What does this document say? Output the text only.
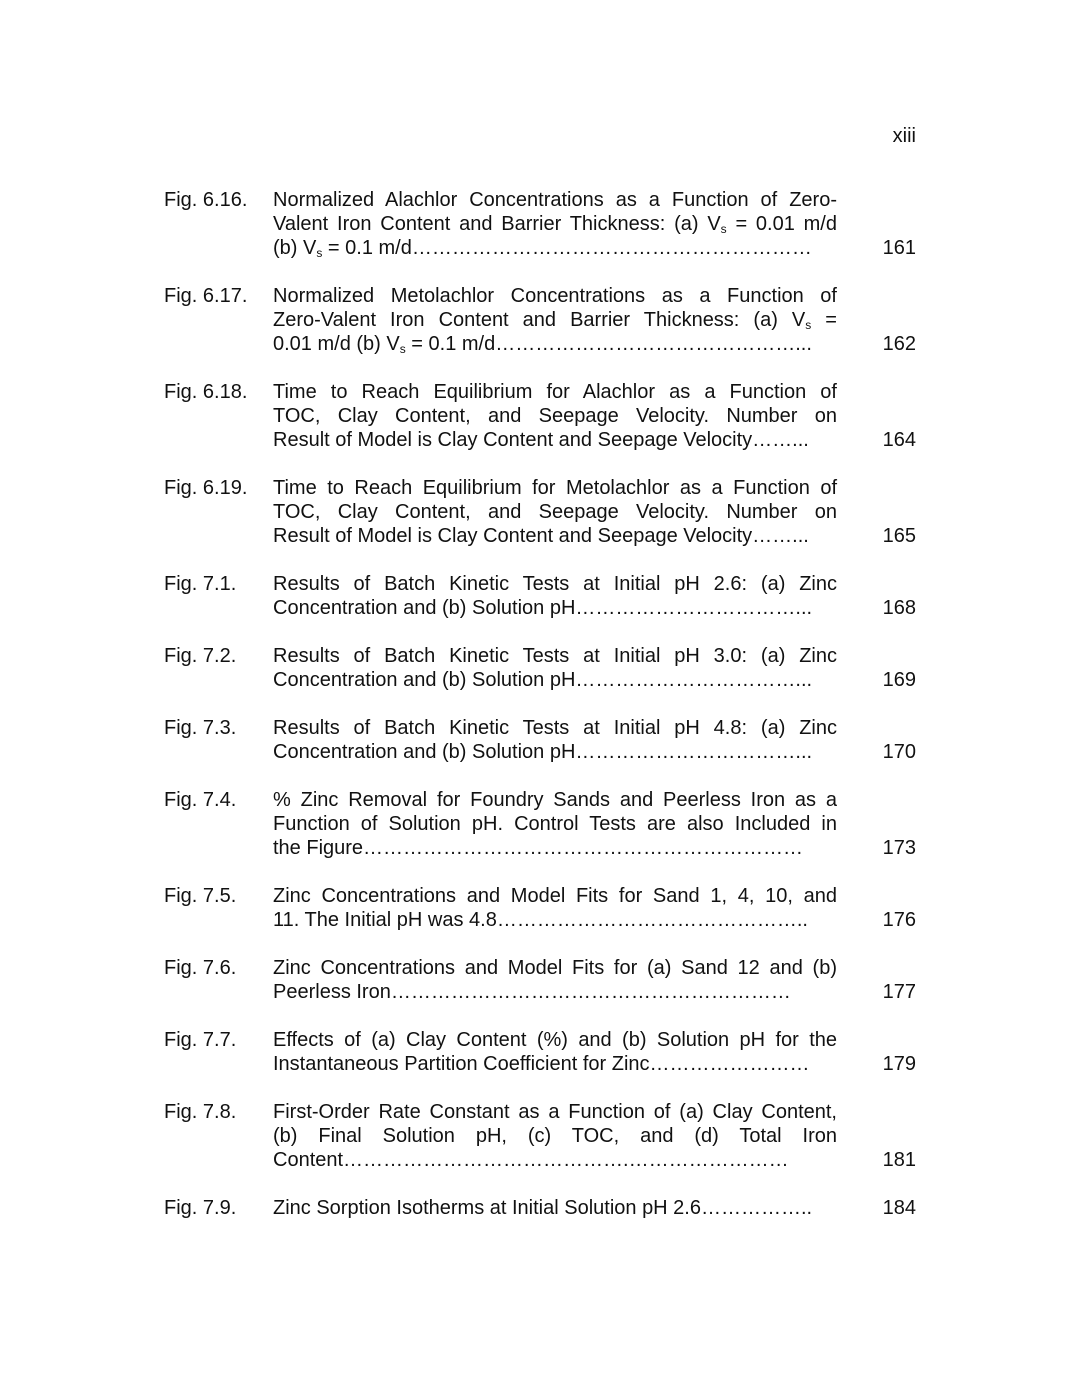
xiii
Fig. 6.16.	Normalized Alachlor Concentrations as a Function of Zero-
Valent Iron Content and Barrier Thickness: (a) $V_s = 0.01$ m/d
(b) $V_s = 0.1$ m/d……………………………………………………	161
Fig. 6.17.	Normalized Metolachlor Concentrations as a Function of
Zero-Valent Iron Content and Barrier Thickness: (a) $V_s$ =
0.01 m/d (b) $V_s = 0.1$ m/d………………………………………...	162
Fig. 6.18.	Time to Reach Equilibrium for Alachlor as a Function of
TOC, Clay Content, and Seepage Velocity. Number on
Result of Model is Clay Content and Seepage Velocity……...	164
Fig. 6.19.	Time to Reach Equilibrium for Metolachlor as a Function of
TOC, Clay Content, and Seepage Velocity. Number on
Result of Model is Clay Content and Seepage Velocity……...	165
Fig. 7.1.	Results of Batch Kinetic Tests at Initial pH 2.6: (a) Zinc
Concentration and (b) Solution pH……………………………...	168
Fig. 7.2.	Results of Batch Kinetic Tests at Initial pH 3.0: (a) Zinc
Concentration and (b) Solution pH……………………………...	169
Fig. 7.3.	Results of Batch Kinetic Tests at Initial pH 4.8: (a) Zinc
Concentration and (b) Solution pH……………………………...	170
Fig. 7.4.	% Zinc Removal for Foundry Sands and Peerless Iron as a
Function of Solution pH. Control Tests are also Included in
the Figure…………………………………………………………	173
Fig. 7.5.	Zinc Concentrations and Model Fits for Sand 1, 4, 10, and
11. The Initial pH was 4.8………………………………………..	176
Fig. 7.6.	Zinc Concentrations and Model Fits for (a) Sand 12 and (b)
Peerless Iron……………………………………………………	177
Fig. 7.7.	Effects of (a) Clay Content (%) and (b) Solution pH for the
Instantaneous Partition Coefficient for Zinc……………………	179
Fig. 7.8.	First-Order Rate Constant as a Function of (a) Clay Content,
(b) Final Solution pH, (c) TOC, and (d) Total Iron
Content…………………………………….……………………	181
Fig. 7.9.	Zinc Sorption Isotherms at Initial Solution pH 2.6……………..	184
